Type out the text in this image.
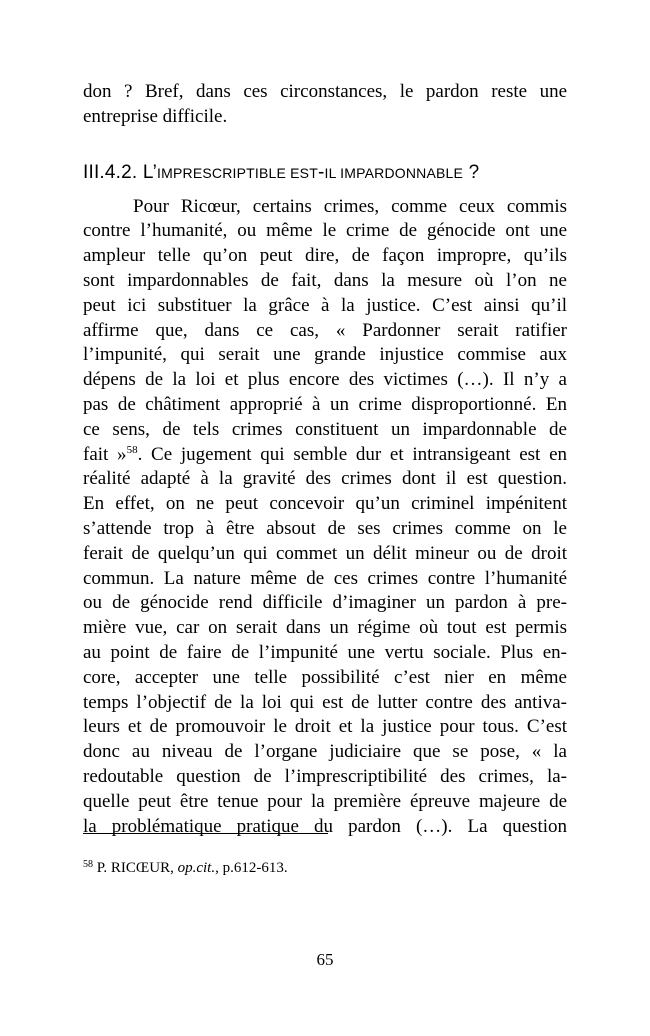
don ? Bref, dans ces circonstances, le pardon reste une
entreprise difficile.
III.4.2. L’IMPRESCRIPTIBLE EST-IL IMPARDONNABLE ?
Pour Ricœur, certains crimes, comme ceux commis
contre l’humanité, ou même le crime de génocide ont une
ampleur telle qu’on peut dire, de façon impropre, qu’ils
sont impardonnables de fait, dans la mesure où l’on ne
peut ici substituer la grâce à la justice. C’est ainsi qu’il
affirme que, dans ce cas, « Pardonner serait ratifier
l’impunité, qui serait une grande injustice commise aux
dépens de la loi et plus encore des victimes (…). Il n’y a
pas de châtiment approprié à un crime disproportionné. En
ce sens, de tels crimes constituent un impardonnable de
fait »$^{58}$. Ce jugement qui semble dur et intransigeant est en
réalité adapté à la gravité des crimes dont il est question.
En effet, on ne peut concevoir qu’un criminel impénitent
s’attende trop à être absout de ses crimes comme on le
ferait de quelqu’un qui commet un délit mineur ou de droit
commun. La nature même de ces crimes contre l’humanité
ou de génocide rend difficile d’imaginer un pardon à pre-
mière vue, car on serait dans un régime où tout est permis
au point de faire de l’impunité une vertu sociale. Plus en-
core, accepter une telle possibilité c’est nier en même
temps l’objectif de la loi qui est de lutter contre des antiva-
leurs et de promouvoir le droit et la justice pour tous. C’est
donc au niveau de l’organe judiciaire que se pose, « la
redoutable question de l’imprescriptibilité des crimes, la-
quelle peut être tenue pour la première épreuve majeure de
la problématique pratique du pardon (…). La question
$^{58}$ P. RICŒUR, op.cit., p.612-613.
65
